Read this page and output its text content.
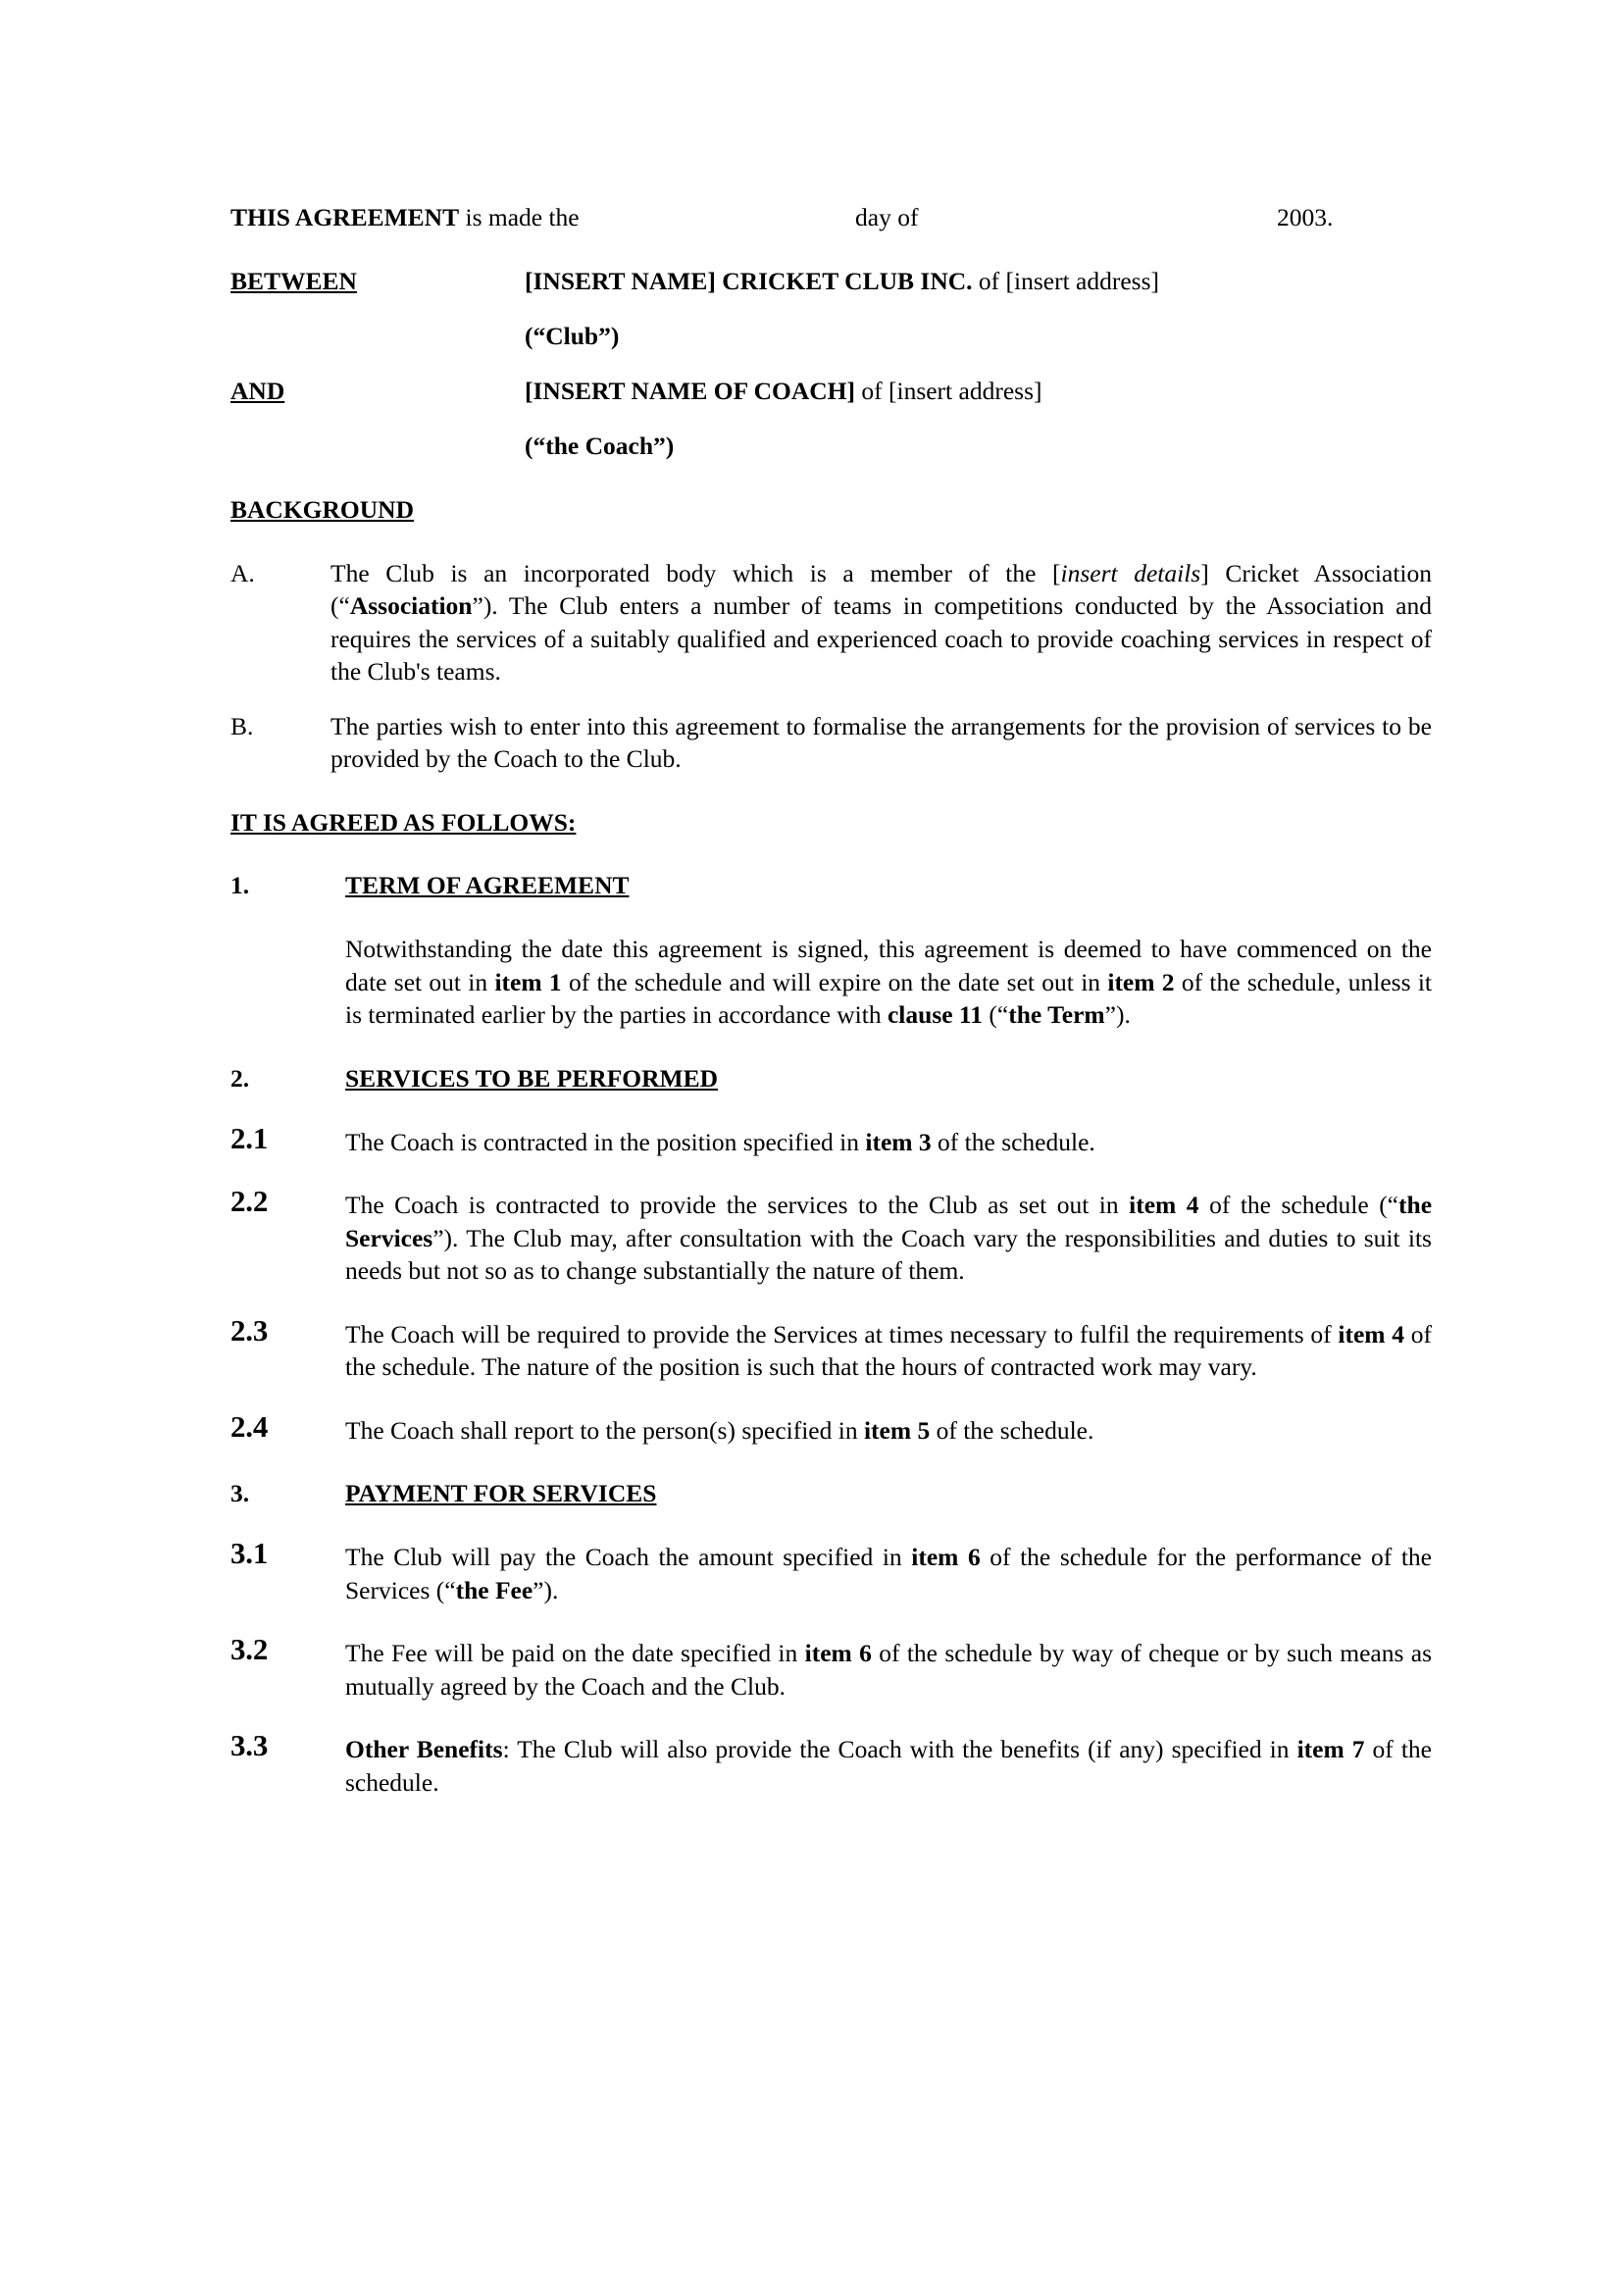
THIS AGREEMENT is made the	day of	2003.
BETWEEN	[INSERT NAME] CRICKET CLUB INC. of [insert address]
(“Club”)
AND	[INSERT NAME OF COACH] of [insert address]
(“the Coach”)
BACKGROUND
A.	The Club is an incorporated body which is a member of the [insert details] Cricket Association (“Association”). The Club enters a number of teams in competitions conducted by the Association and requires the services of a suitably qualified and experienced coach to provide coaching services in respect of the Club's teams.
B.	The parties wish to enter into this agreement to formalise the arrangements for the provision of services to be provided by the Coach to the Club.
IT IS AGREED AS FOLLOWS:
1.	TERM OF AGREEMENT
Notwithstanding the date this agreement is signed, this agreement is deemed to have commenced on the date set out in item 1 of the schedule and will expire on the date set out in item 2 of the schedule, unless it is terminated earlier by the parties in accordance with clause 11 (“the Term”).
2.	SERVICES TO BE PERFORMED
2.1	The Coach is contracted in the position specified in item 3 of the schedule.
2.2	The Coach is contracted to provide the services to the Club as set out in item 4 of the schedule (“the Services”). The Club may, after consultation with the Coach vary the responsibilities and duties to suit its needs but not so as to change substantially the nature of them.
2.3	The Coach will be required to provide the Services at times necessary to fulfil the requirements of item 4 of the schedule. The nature of the position is such that the hours of contracted work may vary.
2.4	The Coach shall report to the person(s) specified in item 5 of the schedule.
3.	PAYMENT FOR SERVICES
3.1	The Club will pay the Coach the amount specified in item 6 of the schedule for the performance of the Services (“the Fee”).
3.2	The Fee will be paid on the date specified in item 6 of the schedule by way of cheque or by such means as mutually agreed by the Coach and the Club.
3.3	Other Benefits: The Club will also provide the Coach with the benefits (if any) specified in item 7 of the schedule.
